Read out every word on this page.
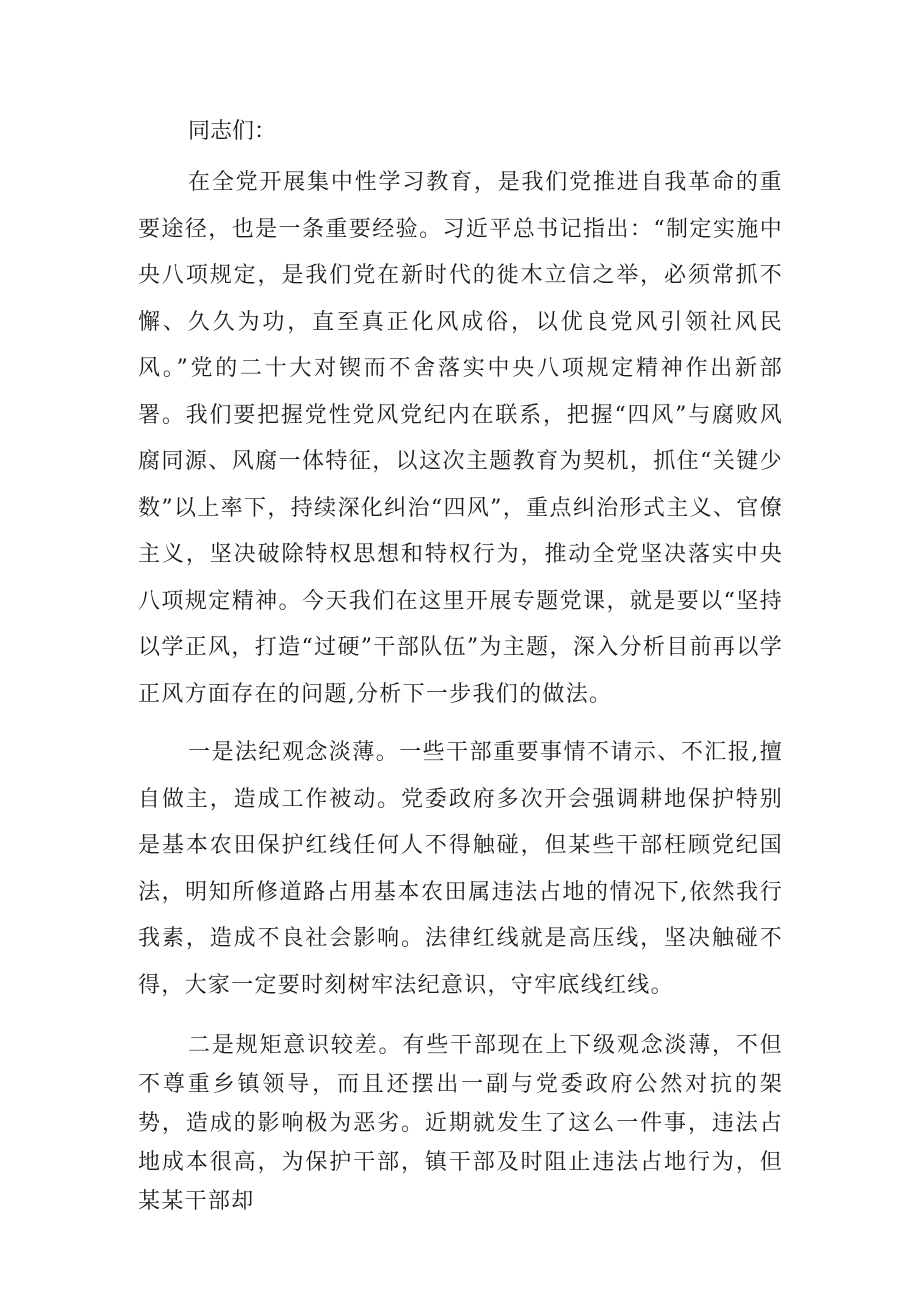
同志们：

在全党开展集中性学习教育，是我们党推进自我革命的重要途径，也是一条重要经验。习近平总书记指出：“制定实施中央八项规定，是我们党在新时代的徙木立信之举，必须常抓不懈、久久为功，直至真正化风成俗，以优良党风引领社风民风。”党的二十大对锲而不舍落实中央八项规定精神作出新部署。我们要把握党性党风党纪内在联系，把握“四风”与腐败风腐同源、风腐一体特征，以这次主题教育为契机，抓住“关键少数”以上率下，持续深化纠治“四风”，重点纠治形式主义、官僚主义，坚决破除特权思想和特权行为，推动全党坚决落实中央八项规定精神。今天我们在这里开展专题党课，就是要以“坚持以学正风，打造“过硬”干部队伍”为主题，深入分析目前再以学正风方面存在的问题,分析下一步我们的做法。

一是法纪观念淡薄。一些干部重要事情不请示、不汇报,擅自做主，造成工作被动。党委政府多次开会强调耕地保护特别是基本农田保护红线任何人不得触碰，但某些干部枉顾党纪国法，明知所修道路占用基本农田属违法占地的情况下,依然我行我素，造成不良社会影响。法律红线就是高压线，坚决触碰不得，大家一定要时刻树牢法纪意识，守牢底线红线。

二是规矩意识较差。有些干部现在上下级观念淡薄，不但不尊重乡镇领导，而且还摆出一副与党委政府公然对抗的架势，造成的影响极为恶劣。近期就发生了这么一件事，违法占地成本很高，为保护干部，镇干部及时阻止违法占地行为，但某某干部却
